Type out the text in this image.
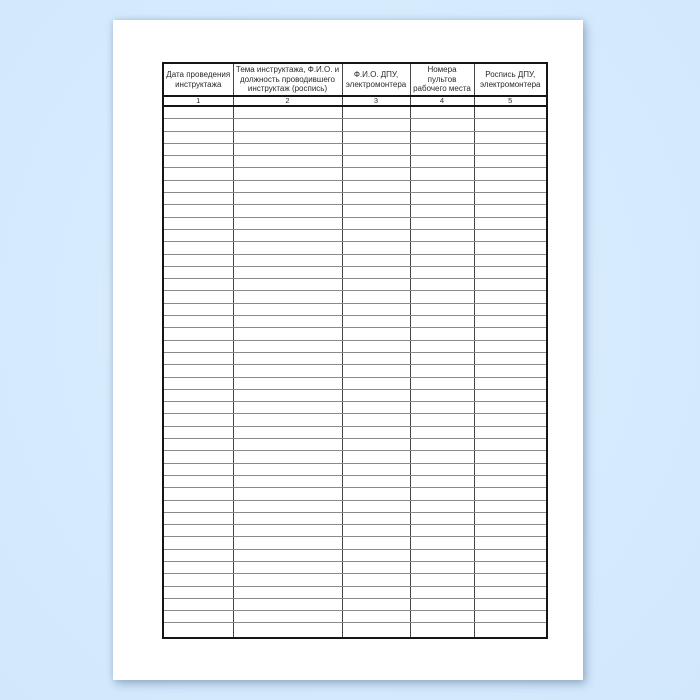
Дата проведения инструктажа	Тема инструктажа, Ф.И.О. и должность проводившего инструктаж (роспись)	Ф.И.О. ДПУ, электромонтера	Номера пультов рабочего места	Роспись ДПУ, электромонтера
1	2	3	4	5
